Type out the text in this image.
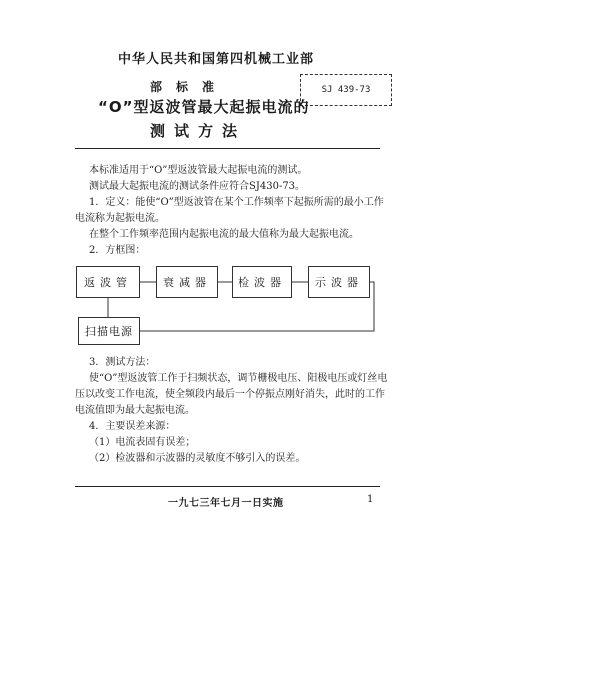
中华人民共和国第四机械工业部
部标准	SJ 439-73
“O”型返波管最大起振电流的
测试方法
本标准适用于“O”型返波管最大起振电流的测试。
测试最大起振电流的测试条件应符合SJ430-73。
1．定义：能使“O”型返波管在某个工作频率下起振所需的最小工作电流称为起振电流。
在整个工作频率范围内起振电流的最大值称为最大起振电流。
2．方框图：
返波管	衰减器	检波器	示波器
扫描电源
3．测试方法：
使“O”型返波管工作于扫频状态，调节栅极电压、阳极电压或灯丝电压以改变工作电流，使全频段内最后一个停振点刚好消失，此时的工作电流值即为最大起振电流。
4．主要误差来源：
（1）电流表固有误差；
（2）检波器和示波器的灵敏度不够引入的误差。
一九七三年七月一日实施	1
